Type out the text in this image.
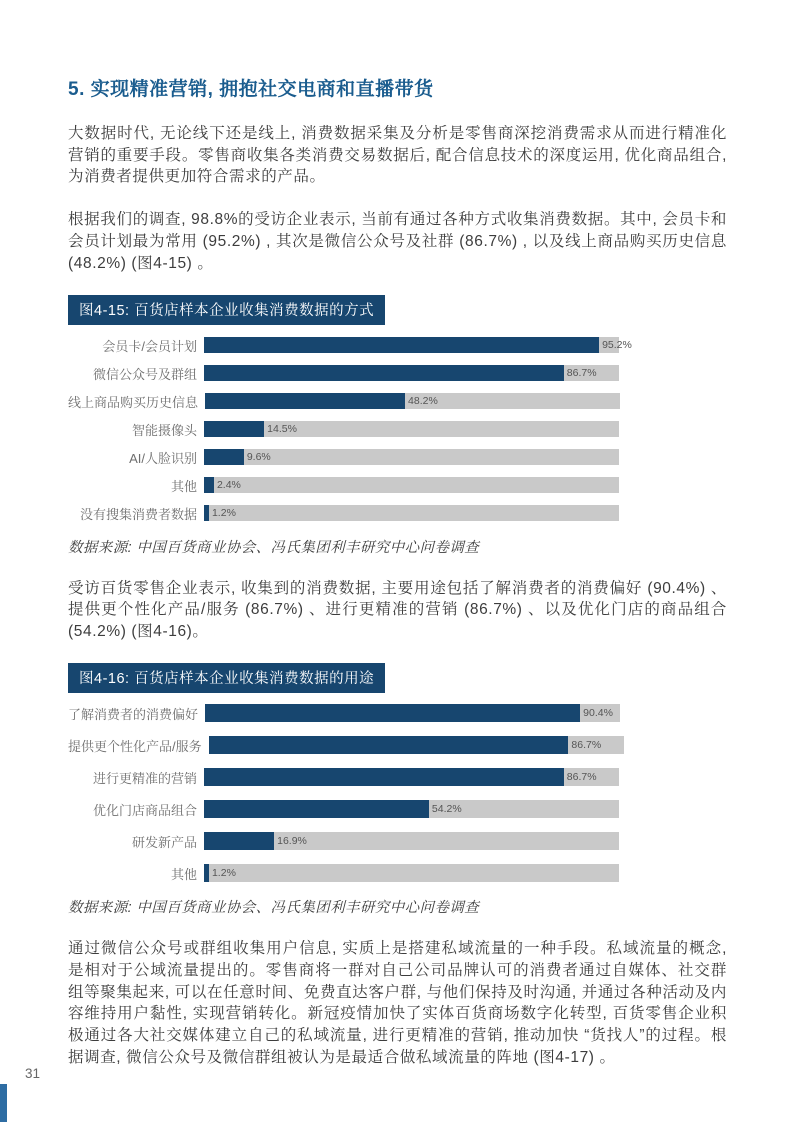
5. 实现精准营销, 拥抱社交电商和直播带货

大数据时代, 无论线下还是线上, 消费数据采集及分析是零售商深挖消费需求从而进行精准化营销的重要手段。零售商收集各类消费交易数据后, 配合信息技术的深度运用, 优化商品组合, 为消费者提供更加符合需求的产品。

根据我们的调查, 98.8%的受访企业表示, 当前有通过各种方式收集消费数据。其中, 会员卡和会员计划最为常用 (95.2%) , 其次是微信公众号及社群 (86.7%) , 以及线上商品购买历史信息 (48.2%) (图4-15) 。

图4-15: 百货店样本企业收集消费数据的方式
会员卡/会员计划	95.2%
微信公众号及群组	86.7%
线上商品购买历史信息	48.2%
智能摄像头	14.5%
AI/人脸识别	9.6%
其他	2.4%
没有搜集消费者数据	1.2%

数据来源: 中国百货商业协会、冯氏集团利丰研究中心问卷调查

受访百货零售企业表示, 收集到的消费数据, 主要用途包括了解消费者的消费偏好 (90.4%) 、提供更个性化产品/服务 (86.7%) 、进行更精准的营销 (86.7%) 、以及优化门店的商品组合 (54.2%) (图4-16)。

图4-16: 百货店样本企业收集消费数据的用途
了解消费者的消费偏好	90.4%
提供更个性化产品/服务	86.7%
进行更精准的营销	86.7%
优化门店商品组合	54.2%
研发新产品	16.9%
其他	1.2%

数据来源: 中国百货商业协会、冯氏集团利丰研究中心问卷调查

通过微信公众号或群组收集用户信息, 实质上是搭建私域流量的一种手段。私域流量的概念, 是相对于公域流量提出的。零售商将一群对自己公司品牌认可的消费者通过自媒体、社交群组等聚集起来, 可以在任意时间、免费直达客户群, 与他们保持及时沟通, 并通过各种活动及内容维持用户黏性, 实现营销转化。新冠疫情加快了实体百货商场数字化转型, 百货零售企业积极通过各大社交媒体建立自己的私域流量, 进行更精准的营销, 推动加快 “货找人”的过程。根据调查, 微信公众号及微信群组被认为是最适合做私域流量的阵地 (图4-17) 。

31
